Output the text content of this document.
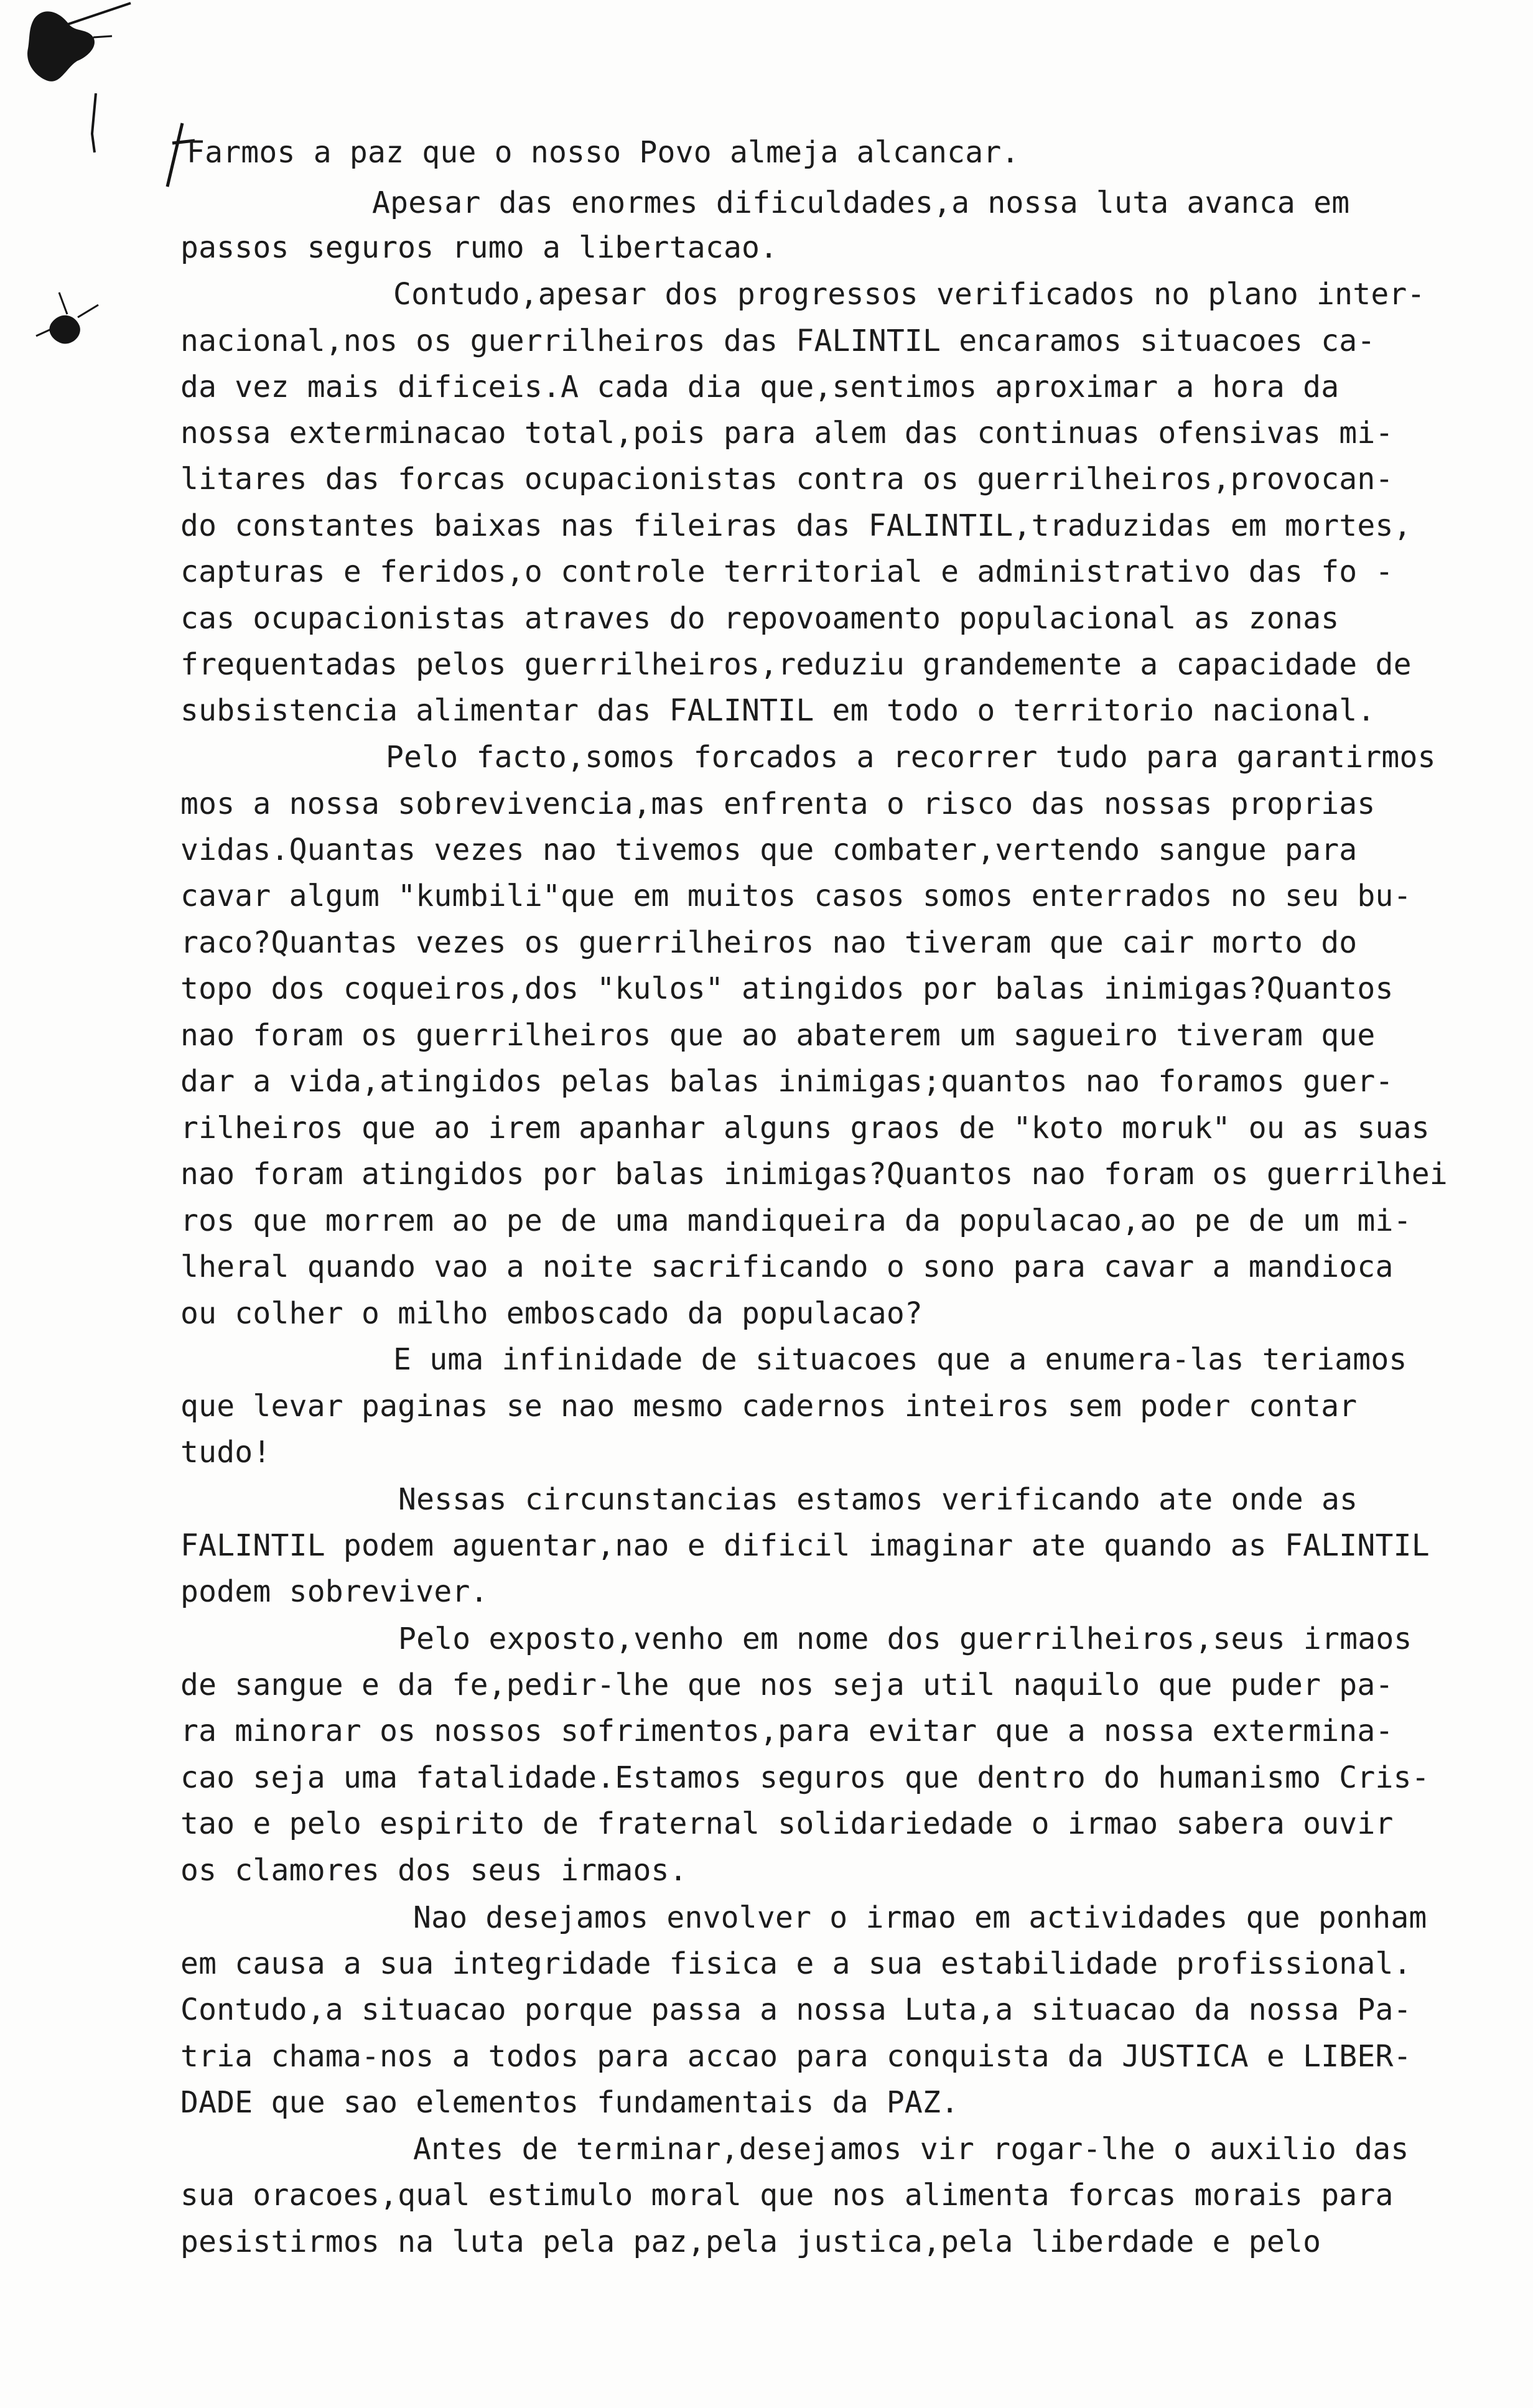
Farmos a paz que o nosso Povo almeja alcancar.
Apesar das enormes dificuldades,a nossa luta avanca em
passos seguros rumo a libertacao.
Contudo,apesar dos progressos verificados no plano inter-
nacional,nos os guerrilheiros das FALINTIL encaramos situacoes ca-
da vez mais dificeis.A cada dia que,sentimos aproximar a hora da
nossa exterminacao total,pois para alem das continuas ofensivas mi-
litares das forcas ocupacionistas contra os guerrilheiros,provocan-
do constantes baixas nas fileiras das FALINTIL,traduzidas em mortes,
capturas e feridos,o controle territorial e administrativo das fo -
cas ocupacionistas atraves do repovoamento populacional as zonas
frequentadas pelos guerrilheiros,reduziu grandemente a capacidade de
subsistencia alimentar das FALINTIL em todo o territorio nacional.
Pelo facto,somos forcados a recorrer tudo para garantirmos
mos a nossa sobrevivencia,mas enfrenta o risco das nossas proprias
vidas.Quantas vezes nao tivemos que combater,vertendo sangue para
cavar algum "kumbili"que em muitos casos somos enterrados no seu bu-
raco?Quantas vezes os guerrilheiros nao tiveram que cair morto do
topo dos coqueiros,dos "kulos" atingidos por balas inimigas?Quantos
nao foram os guerrilheiros que ao abaterem um sagueiro tiveram que
dar a vida,atingidos pelas balas inimigas;quantos nao foramos guer-
rilheiros que ao irem apanhar alguns graos de "koto moruk" ou as suas
nao foram atingidos por balas inimigas?Quantos nao foram os guerrilhei
ros que morrem ao pe de uma mandiqueira da populacao,ao pe de um mi-
lheral quando vao a noite sacrificando o sono para cavar a mandioca
ou colher o milho emboscado da populacao?
E uma infinidade de situacoes que a enumera-las teriamos
que levar paginas se nao mesmo cadernos inteiros sem poder contar
tudo!
Nessas circunstancias estamos verificando ate onde as
FALINTIL podem aguentar,nao e dificil imaginar ate quando as FALINTIL
podem sobreviver.
Pelo exposto,venho em nome dos guerrilheiros,seus irmaos
de sangue e da fe,pedir-lhe que nos seja util naquilo que puder pa-
ra minorar os nossos sofrimentos,para evitar que a nossa extermina-
cao seja uma fatalidade.Estamos seguros que dentro do humanismo Cris-
tao e pelo espirito de fraternal solidariedade o irmao sabera ouvir
os clamores dos seus irmaos.
Nao desejamos envolver o irmao em actividades que ponham
em causa a sua integridade fisica e a sua estabilidade profissional.
Contudo,a situacao porque passa a nossa Luta,a situacao da nossa Pa-
tria chama-nos a todos para accao para conquista da JUSTICA e LIBER-
DADE que sao elementos fundamentais da PAZ.
Antes de terminar,desejamos vir rogar-lhe o auxilio das
sua oracoes,qual estimulo moral que nos alimenta forcas morais para
pesistirmos na luta pela paz,pela justica,pela liberdade e pelo
